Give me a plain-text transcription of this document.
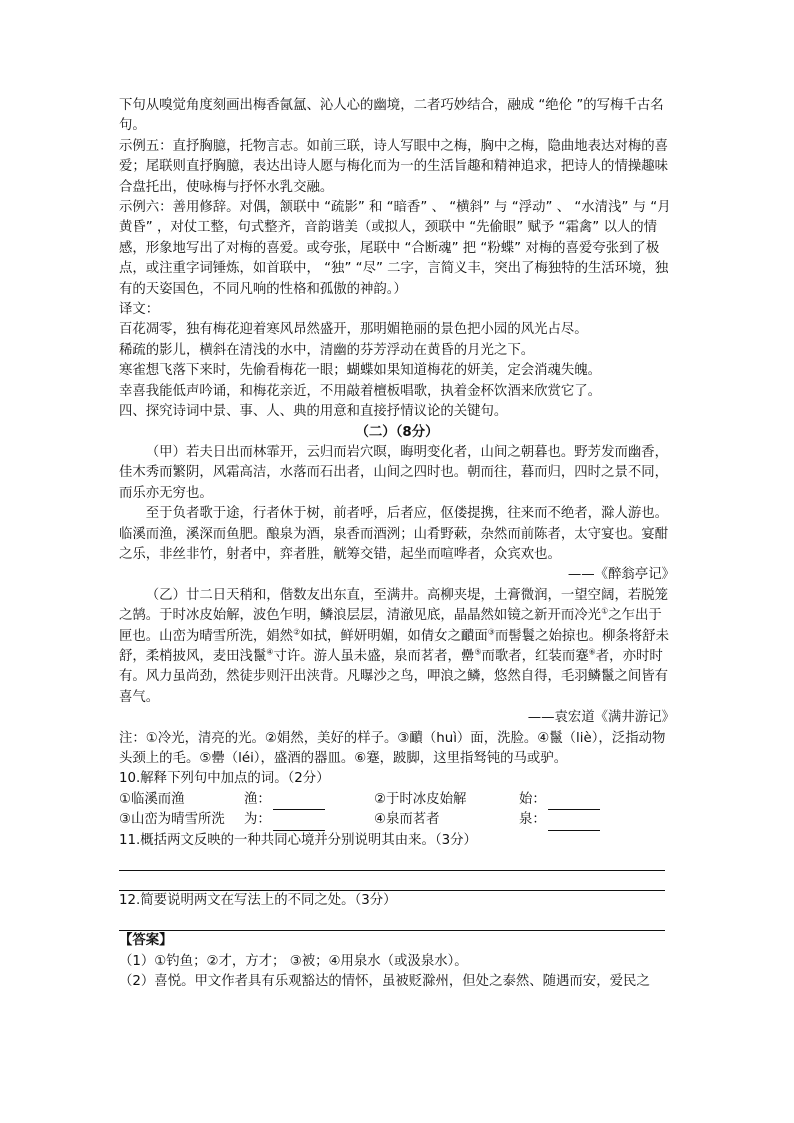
下句从嗅觉角度刻画出梅香氤氲、沁人心的幽境，二者巧妙结合，融成 “绝伦 ”的写梅千古名句。

示例五：直抒胸臆，托物言志。如前三联，诗人写眼中之梅，胸中之梅，隐曲地表达对梅的喜爱；尾联则直抒胸臆，表达出诗人愿与梅化而为一的生活旨趣和精神追求，把诗人的情操趣味合盘托出，使咏梅与抒怀水乳交融。

示例六：善用修辞。对偶，颔联中 “疏影” 和 “暗香” 、 “横斜” 与 “浮动” 、 “水清浅” 与 “月黄昏” ，对仗工整，句式整齐，音韵谐美（或拟人，颈联中 “先偷眼” 赋予 “霜禽” 以人的情感，形象地写出了对梅的喜爱。或夸张，尾联中 “合断魂” 把 “粉蝶” 对梅的喜爱夸张到了极点，或注重字词锤炼，如首联中， “独” “尽” 二字，言简义丰，突出了梅独特的生活环境，独有的天姿国色，不同凡响的性格和孤傲的神韵。）

译文：

百花凋零，独有梅花迎着寒风昂然盛开，那明媚艳丽的景色把小园的风光占尽。

稀疏的影儿，横斜在清浅的水中，清幽的芬芳浮动在黄昏的月光之下。

寒雀想飞落下来时，先偷看梅花一眼；蝴蝶如果知道梅花的妍美，定会消魂失魄。

幸喜我能低声吟诵，和梅花亲近，不用敲着檀板唱歌，执着金杯饮酒来欣赏它了。

四、探究诗词中景、事、人、典的用意和直接抒情议论的关键句。

（二）（8分）

（甲）若夫日出而林霏开，云归而岩穴暝，晦明变化者，山间之朝暮也。野芳发而幽香，佳木秀而繁阴，风霜高洁，水落而石出者，山间之四时也。朝而往，暮而归，四时之景不同，而乐亦无穷也。

至于负者歌于途，行者休于树，前者呼，后者应，伛偻提携，往来而不绝者，滁人游也。临溪而渔，溪深而鱼肥。酿泉为酒，泉香而酒洌；山肴野蔌，杂然而前陈者，太守宴也。宴酣之乐，非丝非竹，射者中，弈者胜，觥筹交错，起坐而喧哗者，众宾欢也。

——《醉翁亭记》

（乙）廿二日天稍和，偕数友出东直，至满井。高柳夹堤，土膏微润，一望空阔，若脱笼之鹄。于时冰皮始解，波色乍明，鳞浪层层，清澈见底，晶晶然如镜之新开而冷光①之乍出于匣也。山峦为晴雪所洗，娟然②如拭，鲜妍明媚，如倩女之靧面③而髻鬟之始掠也。柳条将舒未舒，柔梢披风，麦田浅鬣④寸许。游人虽未盛，泉而茗者，罍⑤而歌者，红装而蹇⑥者，亦时时有。风力虽尚劲，然徒步则汗出浃背。凡曝沙之鸟，呷浪之鳞，悠然自得，毛羽鳞鬣之间皆有喜气。

——袁宏道《满井游记》

注：①冷光，清亮的光。②娟然，美好的样子。③靧（huì）面，洗脸。④鬣（liè），泛指动物头颈上的毛。⑤罍（léi），盛酒的器皿。⑥蹇，跛脚，这里指驽钝的马或驴。

10.解释下列句中加点的词。（2分）

①临溪而渔	渔：	②于时冰皮始解	始：
③山峦为晴雪所洗	为：	④泉而茗者	泉：

11.概括两文反映的一种共同心境并分别说明其由来。（3分）

12.简要说明两文在写法上的不同之处。（3分）

【答案】

（1）①钓鱼；②才，方才； ③被；④用泉水（或汲泉水）。

（2）喜悦。甲文作者具有乐观豁达的情怀，虽被贬滁州，但处之泰然、随遇而安，爱民之
